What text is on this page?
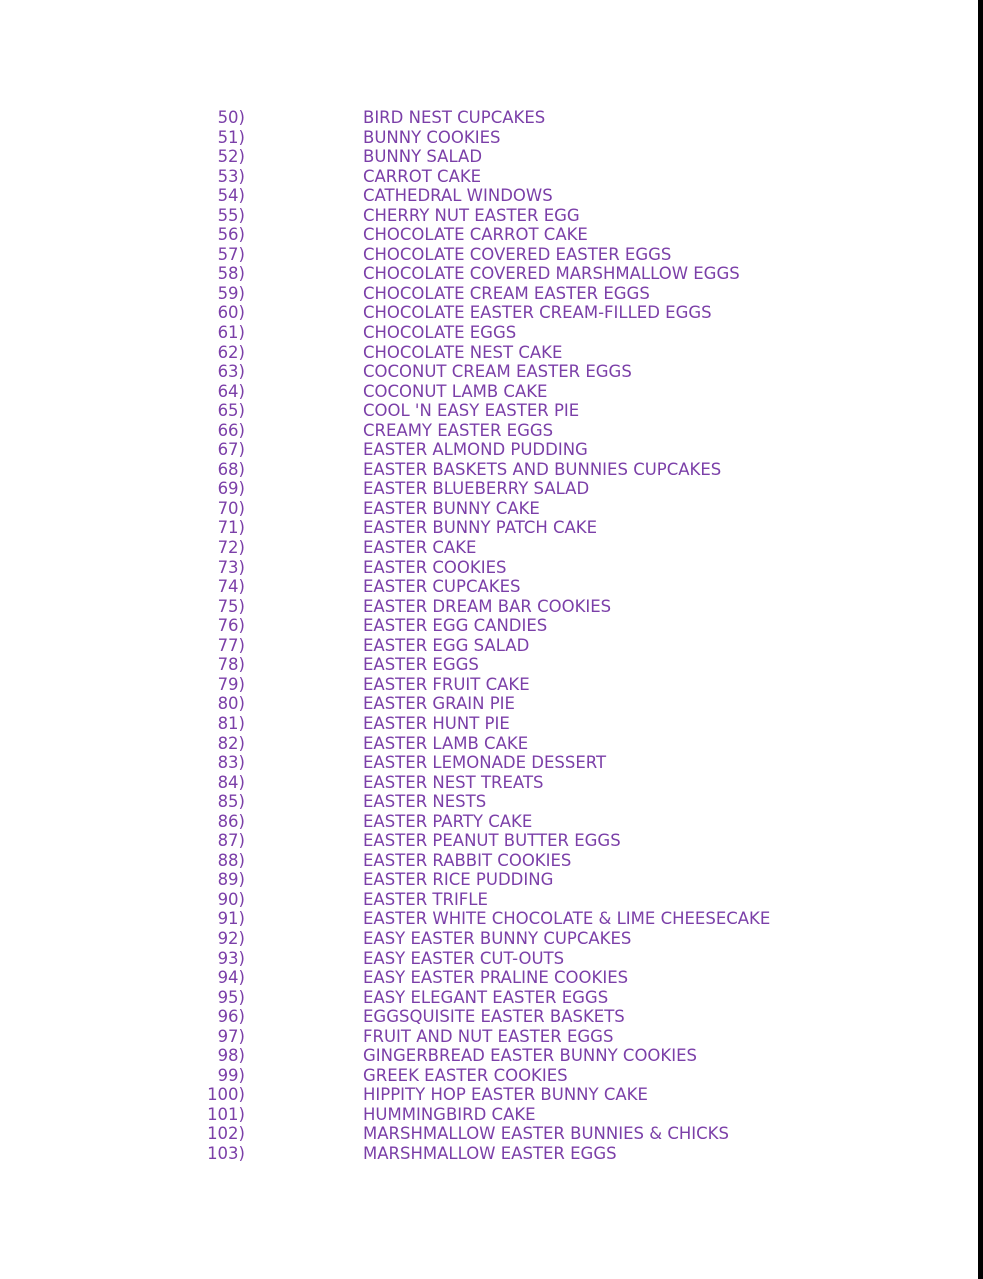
50)	BIRD NEST CUPCAKES
51)	BUNNY COOKIES
52)	BUNNY SALAD
53)	CARROT CAKE
54)	CATHEDRAL WINDOWS
55)	CHERRY NUT EASTER EGG
56)	CHOCOLATE CARROT CAKE
57)	CHOCOLATE COVERED EASTER EGGS
58)	CHOCOLATE COVERED MARSHMALLOW EGGS
59)	CHOCOLATE CREAM EASTER EGGS
60)	CHOCOLATE EASTER CREAM-FILLED EGGS
61)	CHOCOLATE EGGS
62)	CHOCOLATE NEST CAKE
63)	COCONUT CREAM EASTER EGGS
64)	COCONUT LAMB CAKE
65)	COOL 'N EASY EASTER PIE
66)	CREAMY EASTER EGGS
67)	EASTER ALMOND PUDDING
68)	EASTER BASKETS AND BUNNIES CUPCAKES
69)	EASTER BLUEBERRY SALAD
70)	EASTER BUNNY CAKE
71)	EASTER BUNNY PATCH CAKE
72)	EASTER CAKE
73)	EASTER COOKIES
74)	EASTER CUPCAKES
75)	EASTER DREAM BAR COOKIES
76)	EASTER EGG CANDIES
77)	EASTER EGG SALAD
78)	EASTER EGGS
79)	EASTER FRUIT CAKE
80)	EASTER GRAIN PIE
81)	EASTER HUNT PIE
82)	EASTER LAMB CAKE
83)	EASTER LEMONADE DESSERT
84)	EASTER NEST TREATS
85)	EASTER NESTS
86)	EASTER PARTY CAKE
87)	EASTER PEANUT BUTTER EGGS
88)	EASTER RABBIT COOKIES
89)	EASTER RICE PUDDING
90)	EASTER TRIFLE
91)	EASTER WHITE CHOCOLATE & LIME CHEESECAKE
92)	EASY EASTER BUNNY CUPCAKES
93)	EASY EASTER CUT-OUTS
94)	EASY EASTER PRALINE COOKIES
95)	EASY ELEGANT EASTER EGGS
96)	EGGSQUISITE EASTER BASKETS
97)	FRUIT AND NUT EASTER EGGS
98)	GINGERBREAD EASTER BUNNY COOKIES
99)	GREEK EASTER COOKIES
100)	HIPPITY HOP EASTER BUNNY CAKE
101)	HUMMINGBIRD CAKE
102)	MARSHMALLOW EASTER BUNNIES & CHICKS
103)	MARSHMALLOW EASTER EGGS
